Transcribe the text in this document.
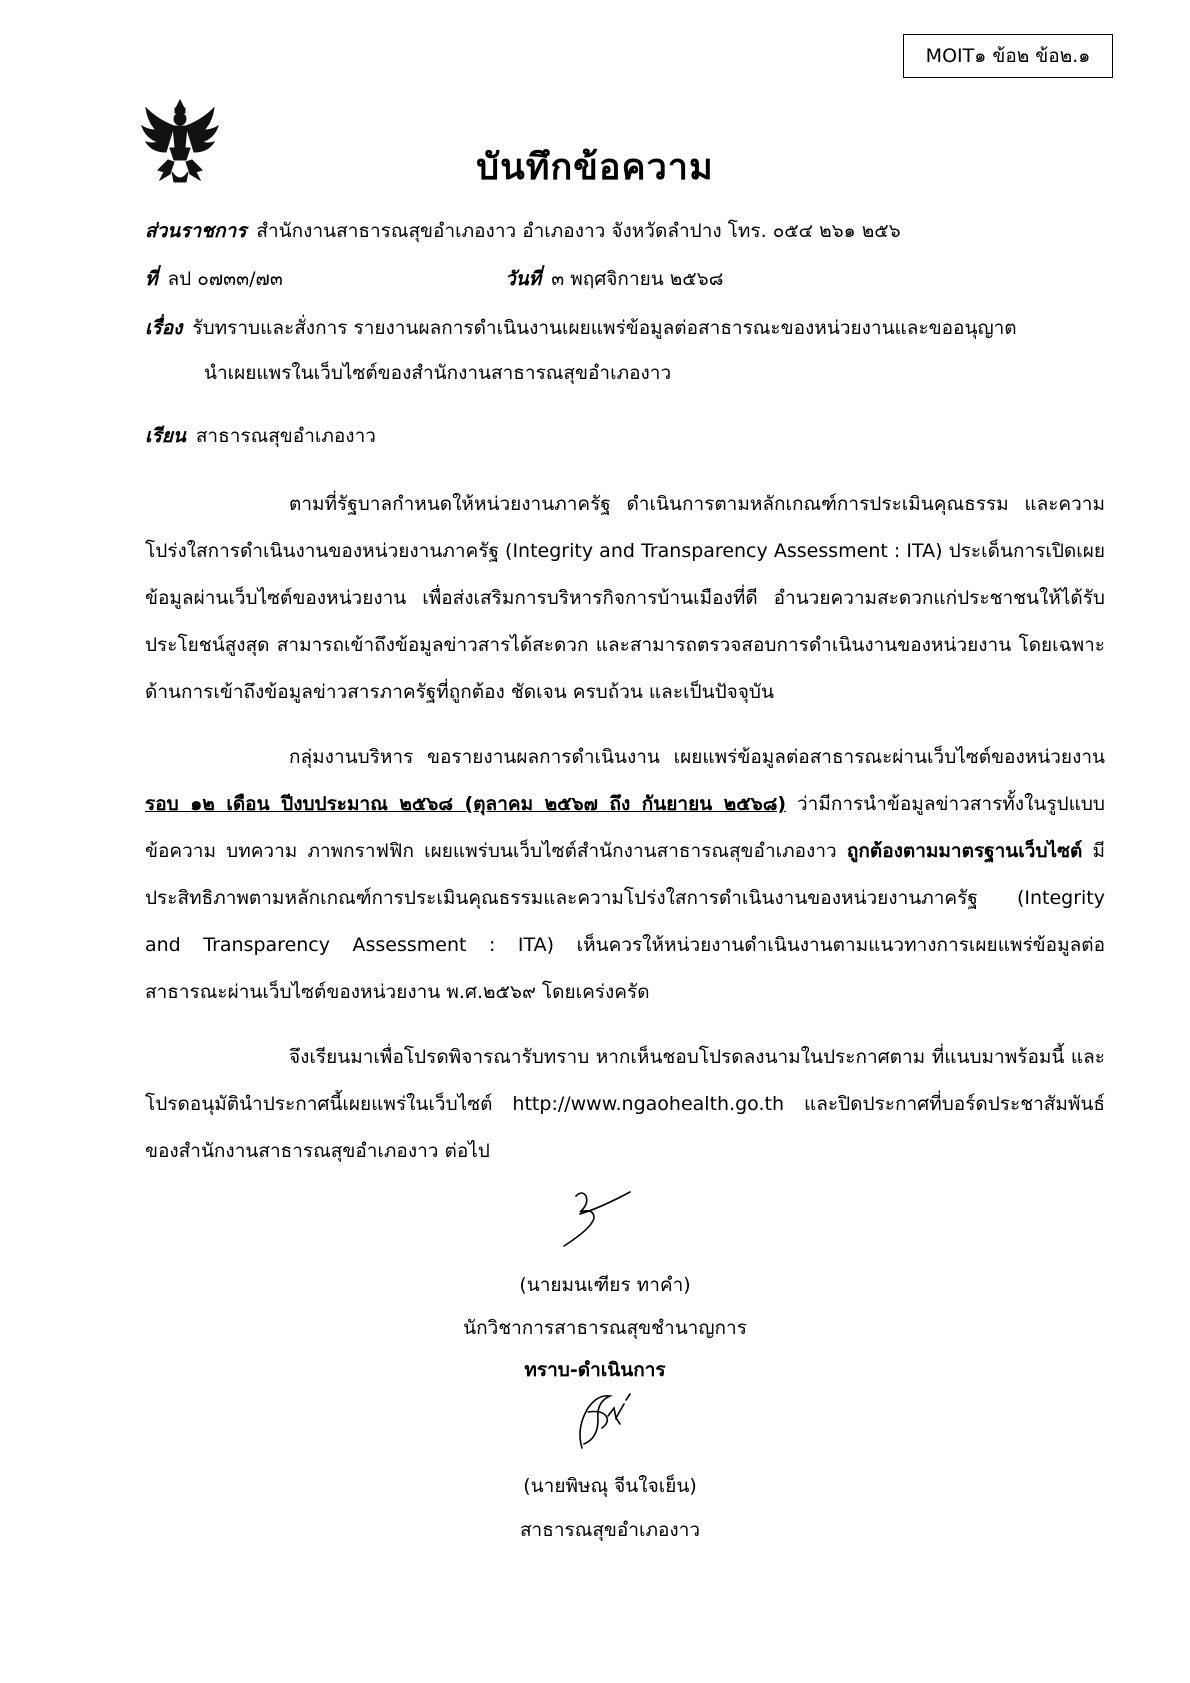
MOIT๑ ข้อ๒ ข้อ๒.๑
บันทึกข้อความ
ส่วนราชการ สำนักงานสาธารณสุขอำเภองาว อำเภองาว จังหวัดลำปาง โทร. ๐๕๔ ๒๖๑ ๒๕๖
ที่ ลป ๐๗๓๓/๗๓	วันที่ ๓ พฤศจิกายน ๒๕๖๘
เรื่อง รับทราบและสั่งการ รายงานผลการดำเนินงานเผยแพร่ข้อมูลต่อสาธารณะของหน่วยงานและขออนุญาต
นำเผยแพรในเว็บไซต์ของสำนักงานสาธารณสุขอำเภองาว
เรียน สาธารณสุขอำเภองาว

ตามที่รัฐบาลกำหนดให้หน่วยงานภาครัฐ ดำเนินการตามหลักเกณฑ์การประเมินคุณธรรม และความโปร่งใสการดำเนินงานของหน่วยงานภาครัฐ (Integrity and Transparency Assessment : ITA) ประเด็นการเปิดเผยข้อมูลผ่านเว็บไซต์ของหน่วยงาน เพื่อส่งเสริมการบริหารกิจการบ้านเมืองที่ดี อำนวยความสะดวกแก่ประชาชนให้ได้รับประโยชน์สูงสุด สามารถเข้าถึงข้อมูลข่าวสารได้สะดวก และสามารถตรวจสอบการดำเนินงานของหน่วยงาน โดยเฉพาะด้านการเข้าถึงข้อมูลข่าวสารภาครัฐที่ถูกต้อง ชัดเจน ครบถ้วน และเป็นปัจจุบัน

กลุ่มงานบริหาร ขอรายงานผลการดำเนินงาน เผยแพร่ข้อมูลต่อสาธารณะผ่านเว็บไซต์ของหน่วยงาน รอบ ๑๒ เดือน ปีงบประมาณ ๒๕๖๘ (ตุลาคม ๒๕๖๗ ถึง กันยายน ๒๕๖๘) ว่ามีการนำข้อมูลข่าวสารทั้งในรูปแบบข้อความ บทความ ภาพกราฟฟิก เผยแพร่บนเว็บไซต์สำนักงานสาธารณสุขอำเภองาว ถูกต้องตามมาตรฐานเว็บไซต์ มีประสิทธิภาพตามหลักเกณฑ์การประเมินคุณธรรมและความโปร่งใสการดำเนินงานของหน่วยงานภาครัฐ (Integrity and Transparency Assessment : ITA) เห็นควรให้หน่วยงานดำเนินงานตามแนวทางการเผยแพร่ข้อมูลต่อสาธารณะผ่านเว็บไซต์ของหน่วยงาน พ.ศ.๒๕๖๙ โดยเคร่งครัด

จึงเรียนมาเพื่อโปรดพิจารณารับทราบ หากเห็นชอบโปรดลงนามในประกาศตาม ที่แนบมาพร้อมนี้ และโปรดอนุมัตินำประกาศนี้เผยแพร่ในเว็บไซต์ http://www.ngaohealth.go.th และปิดประกาศที่บอร์ดประชาสัมพันธ์ ของสำนักงานสาธารณสุขอำเภองาว ต่อไป

(นายมนเฑียร ทาคำ)
นักวิชาการสาธารณสุขชำนาญการ
ทราบ-ดำเนินการ
(นายพิษณุ จีนใจเย็น)
สาธารณสุขอำเภองาว
